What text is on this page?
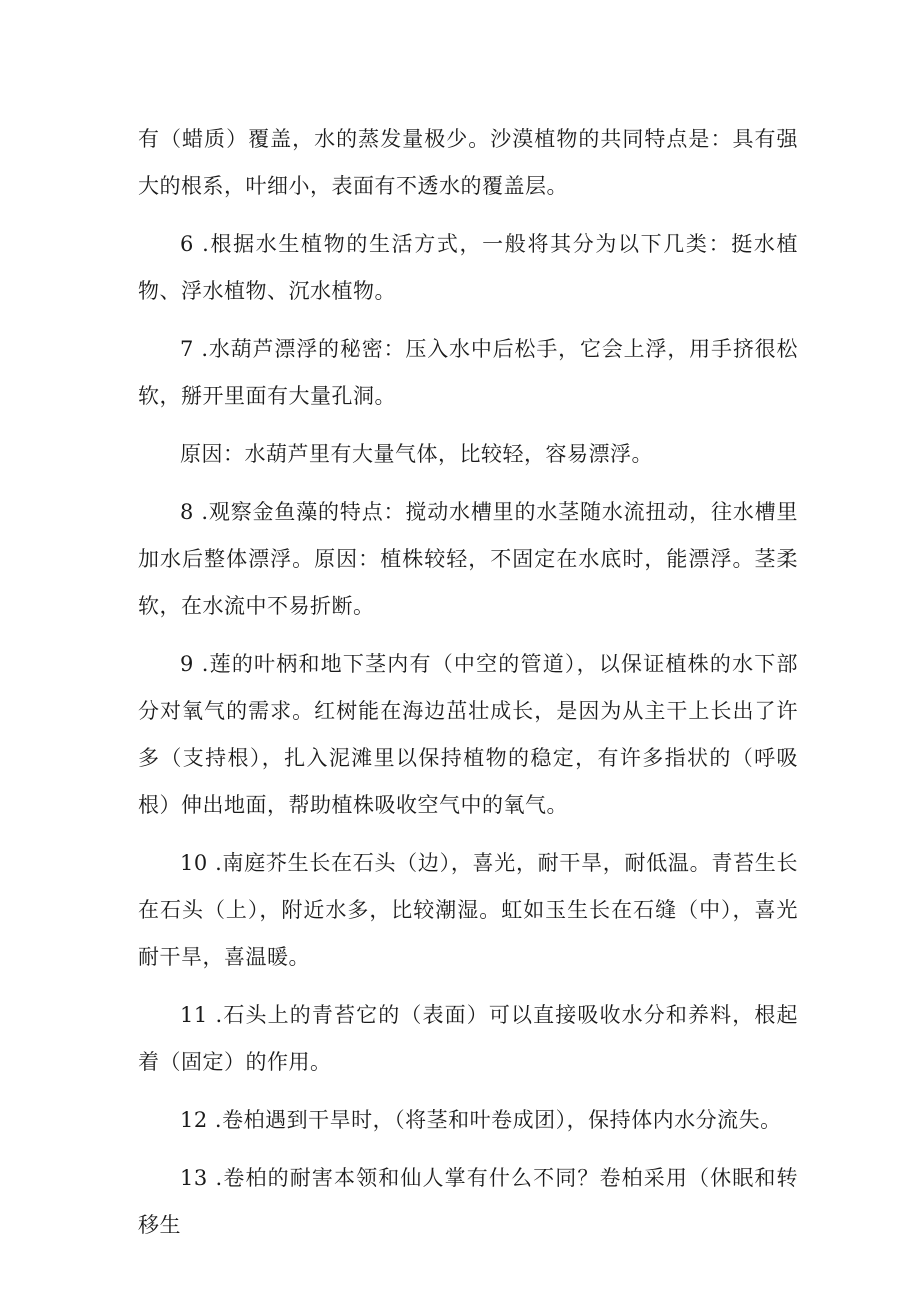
有（蜡质）覆盖，水的蒸发量极少。沙漠植物的共同特点是：具有强大的根系，叶细小，表面有不透水的覆盖层。

6 .根据水生植物的生活方式，一般将其分为以下几类：挺水植物、浮水植物、沉水植物。

7 .水葫芦漂浮的秘密：压入水中后松手，它会上浮，用手挤很松软，掰开里面有大量孔洞。

原因：水葫芦里有大量气体，比较轻，容易漂浮。

8 .观察金鱼藻的特点：搅动水槽里的水茎随水流扭动，往水槽里加水后整体漂浮。原因：植株较轻，不固定在水底时，能漂浮。茎柔软，在水流中不易折断。

9 .莲的叶柄和地下茎内有（中空的管道），以保证植株的水下部分对氧气的需求。红树能在海边茁壮成长，是因为从主干上长出了许多（支持根），扎入泥滩里以保持植物的稳定，有许多指状的（呼吸根）伸出地面，帮助植株吸收空气中的氧气。

10 .南庭芥生长在石头（边），喜光，耐干旱，耐低温。青苔生长在石头（上），附近水多，比较潮湿。虹如玉生长在石缝（中），喜光耐干旱，喜温暖。

11 .石头上的青苔它的（表面）可以直接吸收水分和养料，根起着（固定）的作用。

12 .卷柏遇到干旱时，（将茎和叶卷成团），保持体内水分流失。

13 .卷柏的耐害本领和仙人掌有什么不同？卷柏采用（休眠和转移生
